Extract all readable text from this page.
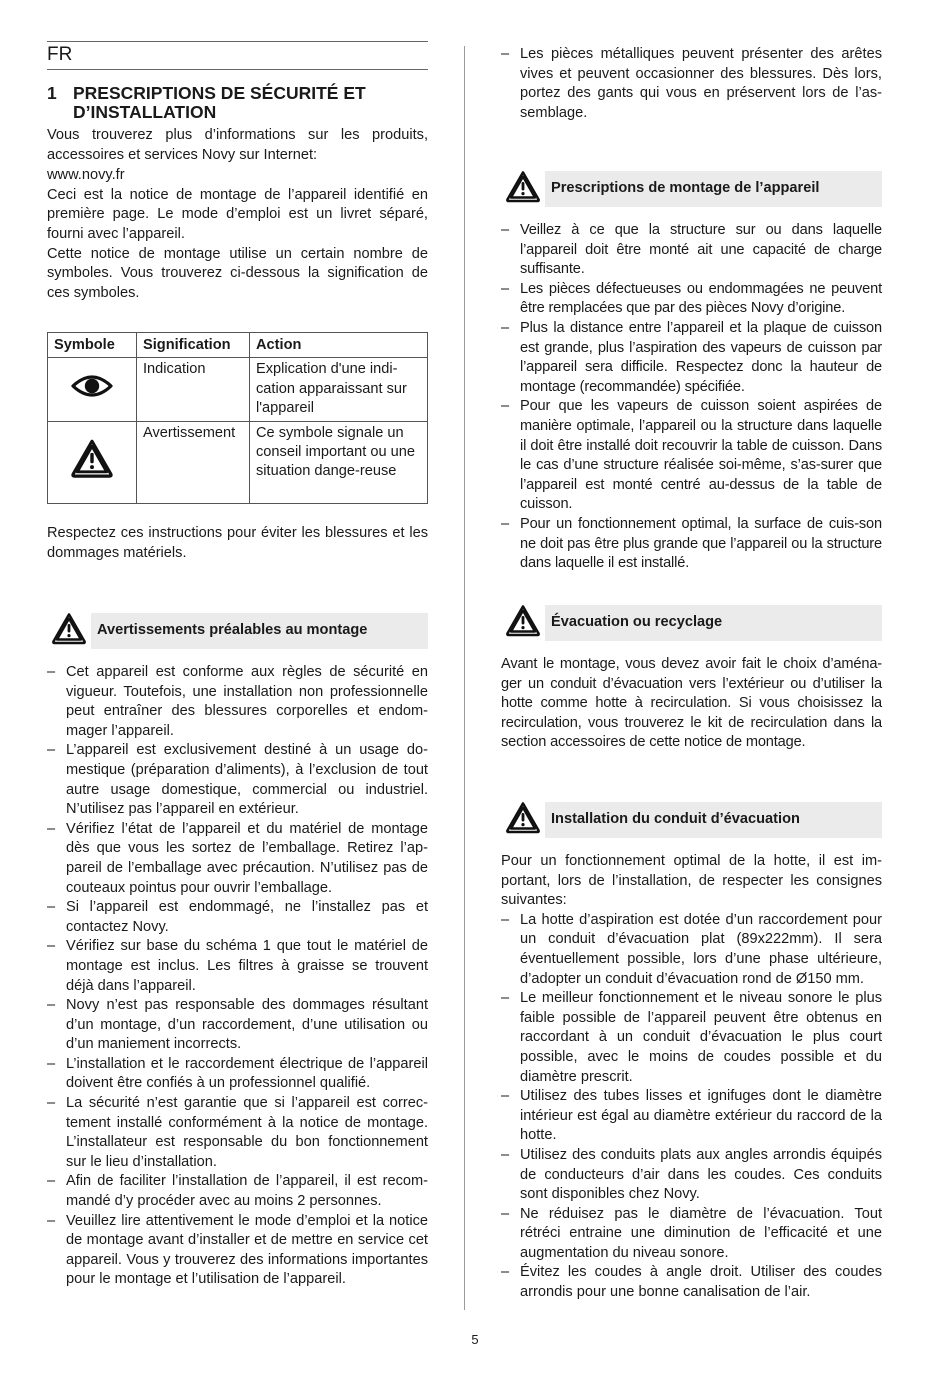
FR
1 PRESCRIPTIONS DE SÉCURITÉ ET D’INSTALLATION

Vous trouverez plus d’informations sur les produits, accessoires et services Novy sur Internet:

www.novy.fr

Ceci est la notice de montage de l’appareil identifié en première page. Le mode d’emploi est un livret séparé, fourni avec l’appareil.

Cette notice de montage utilise un certain nombre de symboles. Vous trouverez ci-dessous la signification de ces symboles.

Symbole	Signification	Action
	Indication	Explication d'une indi-cation apparaissant sur l'appareil
	Avertissement	Ce symbole signale un conseil important ou une situation dange-reuse

Respectez ces instructions pour éviter les blessures et les dommages matériels.

Avertissements préalables au montage
– Cet appareil est conforme aux règles de sécurité en vigueur. Toutefois, une installation non professionnelle peut entraîner des blessures corporelles et endom-mager l’appareil.
– L’appareil est exclusivement destiné à un usage do-mestique (préparation d’aliments), à l’exclusion de tout autre usage domestique, commercial ou industriel. N’utilisez pas l’appareil en extérieur.
– Vérifiez l’état de l’appareil et du matériel de montage dès que vous les sortez de l’emballage. Retirez l’ap-pareil de l’emballage avec précaution. N’utilisez pas de couteaux pointus pour ouvrir l’emballage.
– Si l’appareil est endommagé, ne l’installez pas et contactez Novy.
– Vérifiez sur base du schéma 1 que tout le matériel de montage est inclus. Les filtres à graisse se trouvent déjà dans l’appareil.
– Novy n’est pas responsable des dommages résultant d’un montage, d’un raccordement, d’une utilisation ou d’un maniement incorrects.
– L’installation et le raccordement électrique de l’appareil doivent être confiés à un professionnel qualifié.
– La sécurité n’est garantie que si l’appareil est correc-tement installé conformément à la notice de montage. L’installateur est responsable du bon fonctionnement sur le lieu d’installation.
– Afin de faciliter l’installation de l’appareil, il est recom-mandé d’y procéder avec au moins 2 personnes.
– Veuillez lire attentivement le mode d’emploi et la notice de montage avant d’installer et de mettre en service cet appareil. Vous y trouverez des informations importantes pour le montage et l’utilisation de l’appareil.
– Les pièces métalliques peuvent présenter des arêtes vives et peuvent occasionner des blessures. Dès lors, portez des gants qui vous en préservent lors de l’as-semblage.
Prescriptions de montage de l’appareil
– Veillez à ce que la structure sur ou dans laquelle l’appareil doit être monté ait une capacité de charge suffisante.
– Les pièces défectueuses ou endommagées ne peuvent être remplacées que par des pièces Novy d’origine.
– Plus la distance entre l’appareil et la plaque de cuisson est grande, plus l’aspiration des vapeurs de cuisson par l’appareil sera difficile. Respectez donc la hauteur de montage (recommandée) spécifiée.
– Pour que les vapeurs de cuisson soient aspirées de manière optimale, l’appareil ou la structure dans laquelle il doit être installé doit recouvrir la table de cuisson. Dans le cas d’une structure réalisée soi-même, s’as-surer que l’appareil est monté centré au-dessus de la table de cuisson.
– Pour un fonctionnement optimal, la surface de cuis-son ne doit pas être plus grande que l’appareil ou la structure dans laquelle il est installé.
Évacuation ou recyclage

Avant le montage, vous devez avoir fait le choix d’aména-ger un conduit d’évacuation vers l’extérieur ou d’utiliser la hotte comme hotte à recirculation. Si vous choisissez la recirculation, vous trouverez le kit de recirculation dans la section accessoires de cette notice de montage.

Installation du conduit d’évacuation

Pour un fonctionnement optimal de la hotte, il est im-portant, lors de l’installation, de respecter les consignes suivantes:

– La hotte d’aspiration est dotée d’un raccordement pour un conduit d’évacuation plat (89x222mm). Il sera éventuellement possible, lors d’une phase ultérieure, d’adopter un conduit d’évacuation rond de Ø150 mm.
– Le meilleur fonctionnement et le niveau sonore le plus faible possible de l’appareil peuvent être obtenus en raccordant à un conduit d’évacuation le plus court possible, avec le moins de coudes possible et du diamètre prescrit.
– Utilisez des tubes lisses et ignifuges dont le diamètre intérieur est égal au diamètre extérieur du raccord de la hotte.
– Utilisez des conduits plats aux angles arrondis équipés de conducteurs d’air dans les coudes. Ces conduits sont disponibles chez Novy.
– Ne réduisez pas le diamètre de l’évacuation. Tout rétréci entraine une diminution de l’efficacité et une augmentation du niveau sonore.
– Évitez les coudes à angle droit. Utiliser des coudes arrondis pour une bonne canalisation de l’air.
5
